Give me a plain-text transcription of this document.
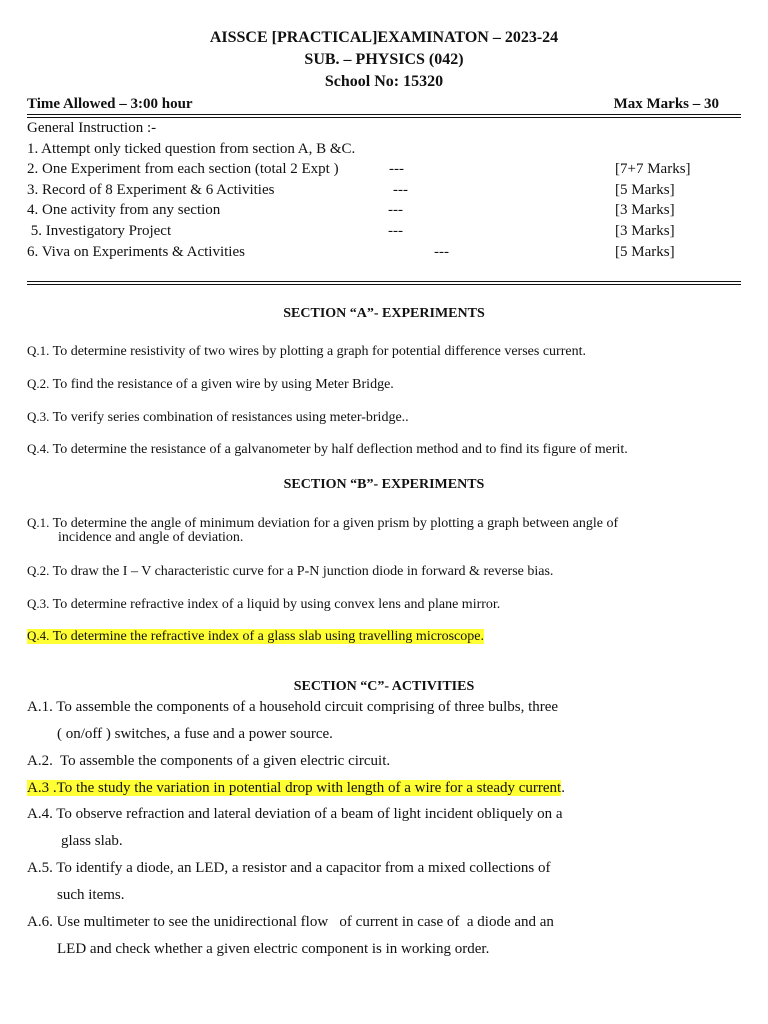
AISSCE [PRACTICAL]EXAMINATON – 2023-24
SUB. – PHYSICS (042)
School No: 15320
Time Allowed – 3:00 hour	Max Marks – 30
General Instruction :-
1. Attempt only ticked question from section A, B &C.
2. One Experiment from each section (total 2 Expt )	---	[7+7 Marks]
3. Record of 8 Experiment & 6 Activities	---	[5 Marks]
4. One activity from any section	---	[3 Marks]
5. Investigatory Project	---	[3 Marks]
6. Viva on Experiments & Activities	---	[5 Marks]
SECTION “A”- EXPERIMENTS
Q.1. To determine resistivity of two wires by plotting a graph for potential difference verses current.
Q.2. To find the resistance of a given wire by using Meter Bridge.
Q.3. To verify series combination of resistances using meter-bridge..
Q.4. To determine the resistance of a galvanometer by half deflection method and to find its figure of merit.
SECTION “B”- EXPERIMENTS
Q.1. To determine the angle of minimum deviation for a given prism by plotting a graph between angle of
incidence and angle of deviation.
Q.2. To draw the I – V characteristic curve for a P-N junction diode in forward & reverse bias.
Q.3. To determine refractive index of a liquid by using convex lens and plane mirror.
Q.4. To determine the refractive index of a glass slab using travelling microscope.
SECTION “C”- ACTIVITIES
A.1. To assemble the components of a household circuit comprising of three bulbs, three
( on/off ) switches, a fuse and a power source.
A.2.  To assemble the components of a given electric circuit.
A.3 .To the study the variation in potential drop with length of a wire for a steady current.
A.4. To observe refraction and lateral deviation of a beam of light incident obliquely on a
glass slab.
A.5. To identify a diode, an LED, a resistor and a capacitor from a mixed collections of
such items.
A.6. Use multimeter to see the unidirectional flow   of current in case of  a diode and an
LED and check whether a given electric component is in working order.
